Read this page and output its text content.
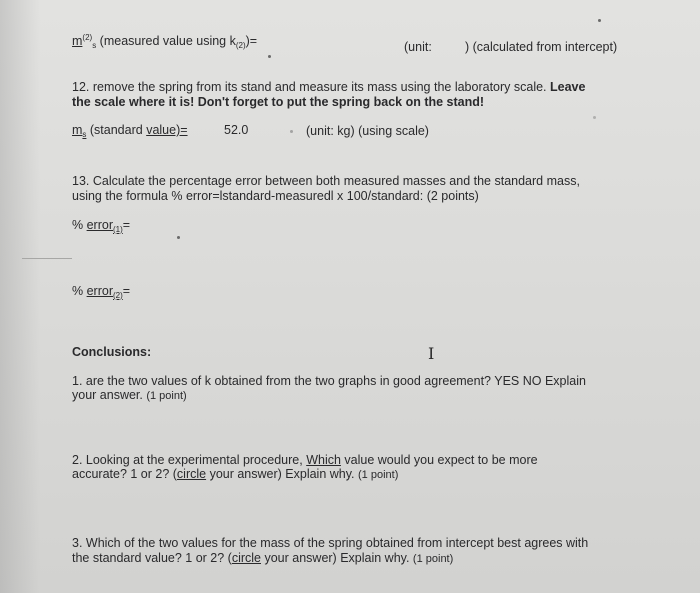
$m^{(2)}_s$ (measured value using $k_{(2)})=$	(unit:	) (calculated from intercept)
12. remove the spring from its stand and measure its mass using the laboratory scale. Leave
the scale where it is! Don't forget to put the spring back on the stand!
$m_s$ (standard value)=	52.0	(unit: kg) (using scale)
13. Calculate the percentage error between both measured masses and the standard mass,
using the formula % error=lstandard-measuredl x 100/standard: (2 points)
% error$_{(1)}$=
% error$_{(2)}$=
Conclusions:	I
1. are the two values of k obtained from the two graphs in good agreement? YES NO Explain
your answer. (1 point)
2. Looking at the experimental procedure, Which value would you expect to be more
accurate? 1 or 2? (circle your answer) Explain why. (1 point)
3. Which of the two values for the mass of the spring obtained from intercept best agrees with
the standard value? 1 or 2? (circle your answer) Explain why. (1 point)
